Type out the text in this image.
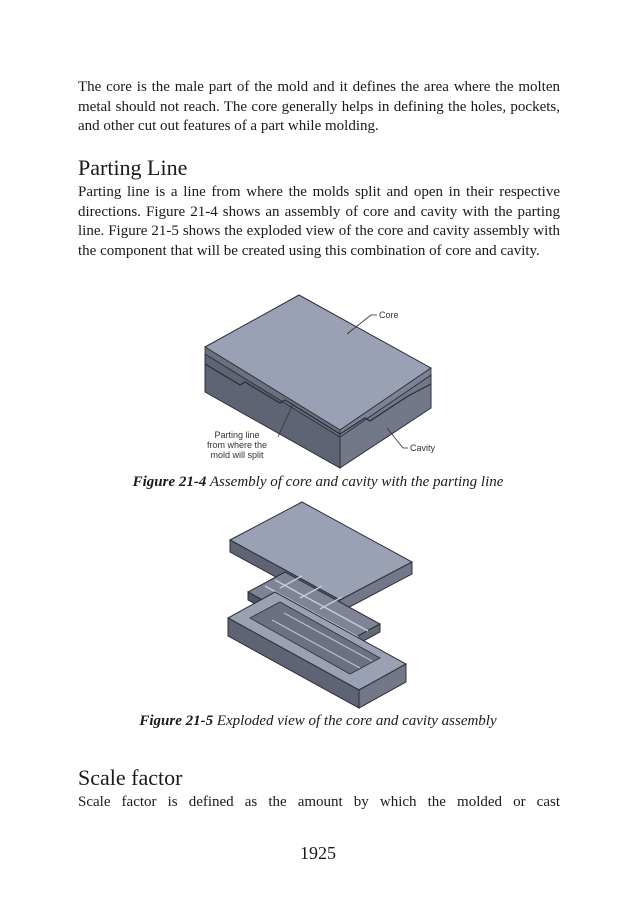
The core is the male part of the mold and it defines the area where the molten metal should not reach. The core generally helps in defining the holes, pockets, and other cut out features of a part while molding.

Parting Line

Parting line is a line from where the molds split and open in their respective directions. Figure 21-4 shows an assembly of core and cavity with the parting line. Figure 21-5 shows the exploded view of the core and cavity assembly with the component that will be created using this combination of core and cavity.

Core
Cavity
Parting line
from where the
mold will split

Figure 21-4 Assembly of core and cavity with the parting line

Figure 21-5 Exploded view of the core and cavity assembly

Scale factor

Scale factor is defined as the amount by which the molded or cast

1925
